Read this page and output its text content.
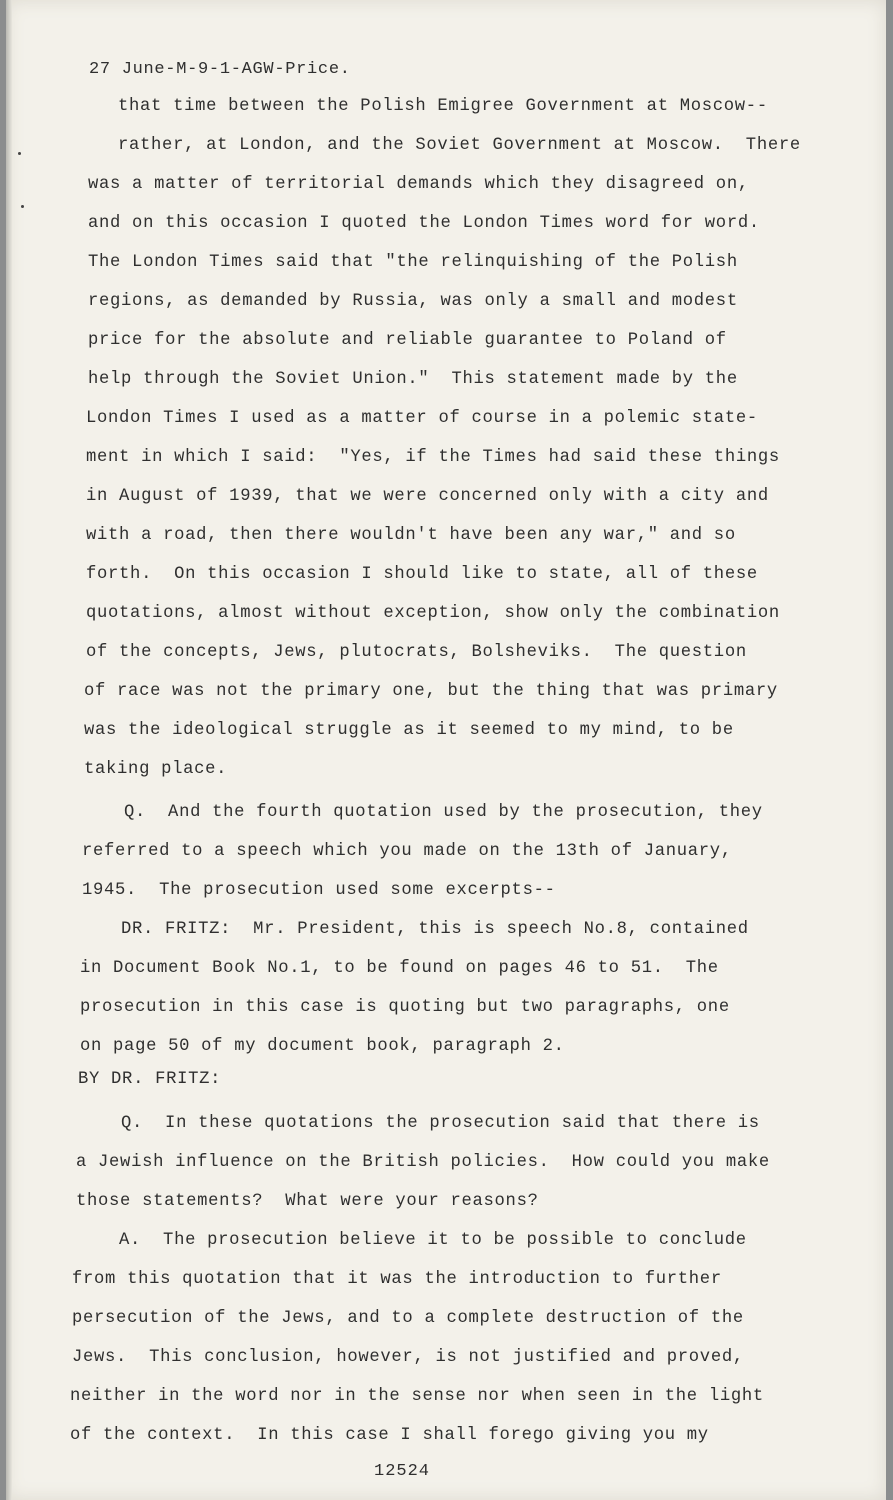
27 June-M-9-1-AGW-Price.
that time between the Polish Emigree Government at Moscow--
rather, at London, and the Soviet Government at Moscow.  There
was a matter of territorial demands which they disagreed on,
and on this occasion I quoted the London Times word for word.
The London Times said that "the relinquishing of the Polish
regions, as demanded by Russia, was only a small and modest
price for the absolute and reliable guarantee to Poland of
help through the Soviet Union."  This statement made by the
London Times I used as a matter of course in a polemic state-
ment in which I said:  "Yes, if the Times had said these things
in August of 1939, that we were concerned only with a city and
with a road, then there wouldn't have been any war," and so
forth.  On this occasion I should like to state, all of these
quotations, almost without exception, show only the combination
of the concepts, Jews, plutocrats, Bolsheviks.  The question
of race was not the primary one, but the thing that was primary
was the ideological struggle as it seemed to my mind, to be
taking place.
Q.  And the fourth quotation used by the prosecution, they
referred to a speech which you made on the 13th of January,
1945.  The prosecution used some excerpts--
DR. FRITZ:  Mr. President, this is speech No.8, contained
in Document Book No.1, to be found on pages 46 to 51.  The
prosecution in this case is quoting but two paragraphs, one
on page 50 of my document book, paragraph 2.
BY DR. FRITZ:
Q.  In these quotations the prosecution said that there is
a Jewish influence on the British policies.  How could you make
those statements?  What were your reasons?
A.  The prosecution believe it to be possible to conclude
from this quotation that it was the introduction to further
persecution of the Jews, and to a complete destruction of the
Jews.  This conclusion, however, is not justified and proved,
neither in the word nor in the sense nor when seen in the light
of the context.  In this case I shall forego giving you my
12524
